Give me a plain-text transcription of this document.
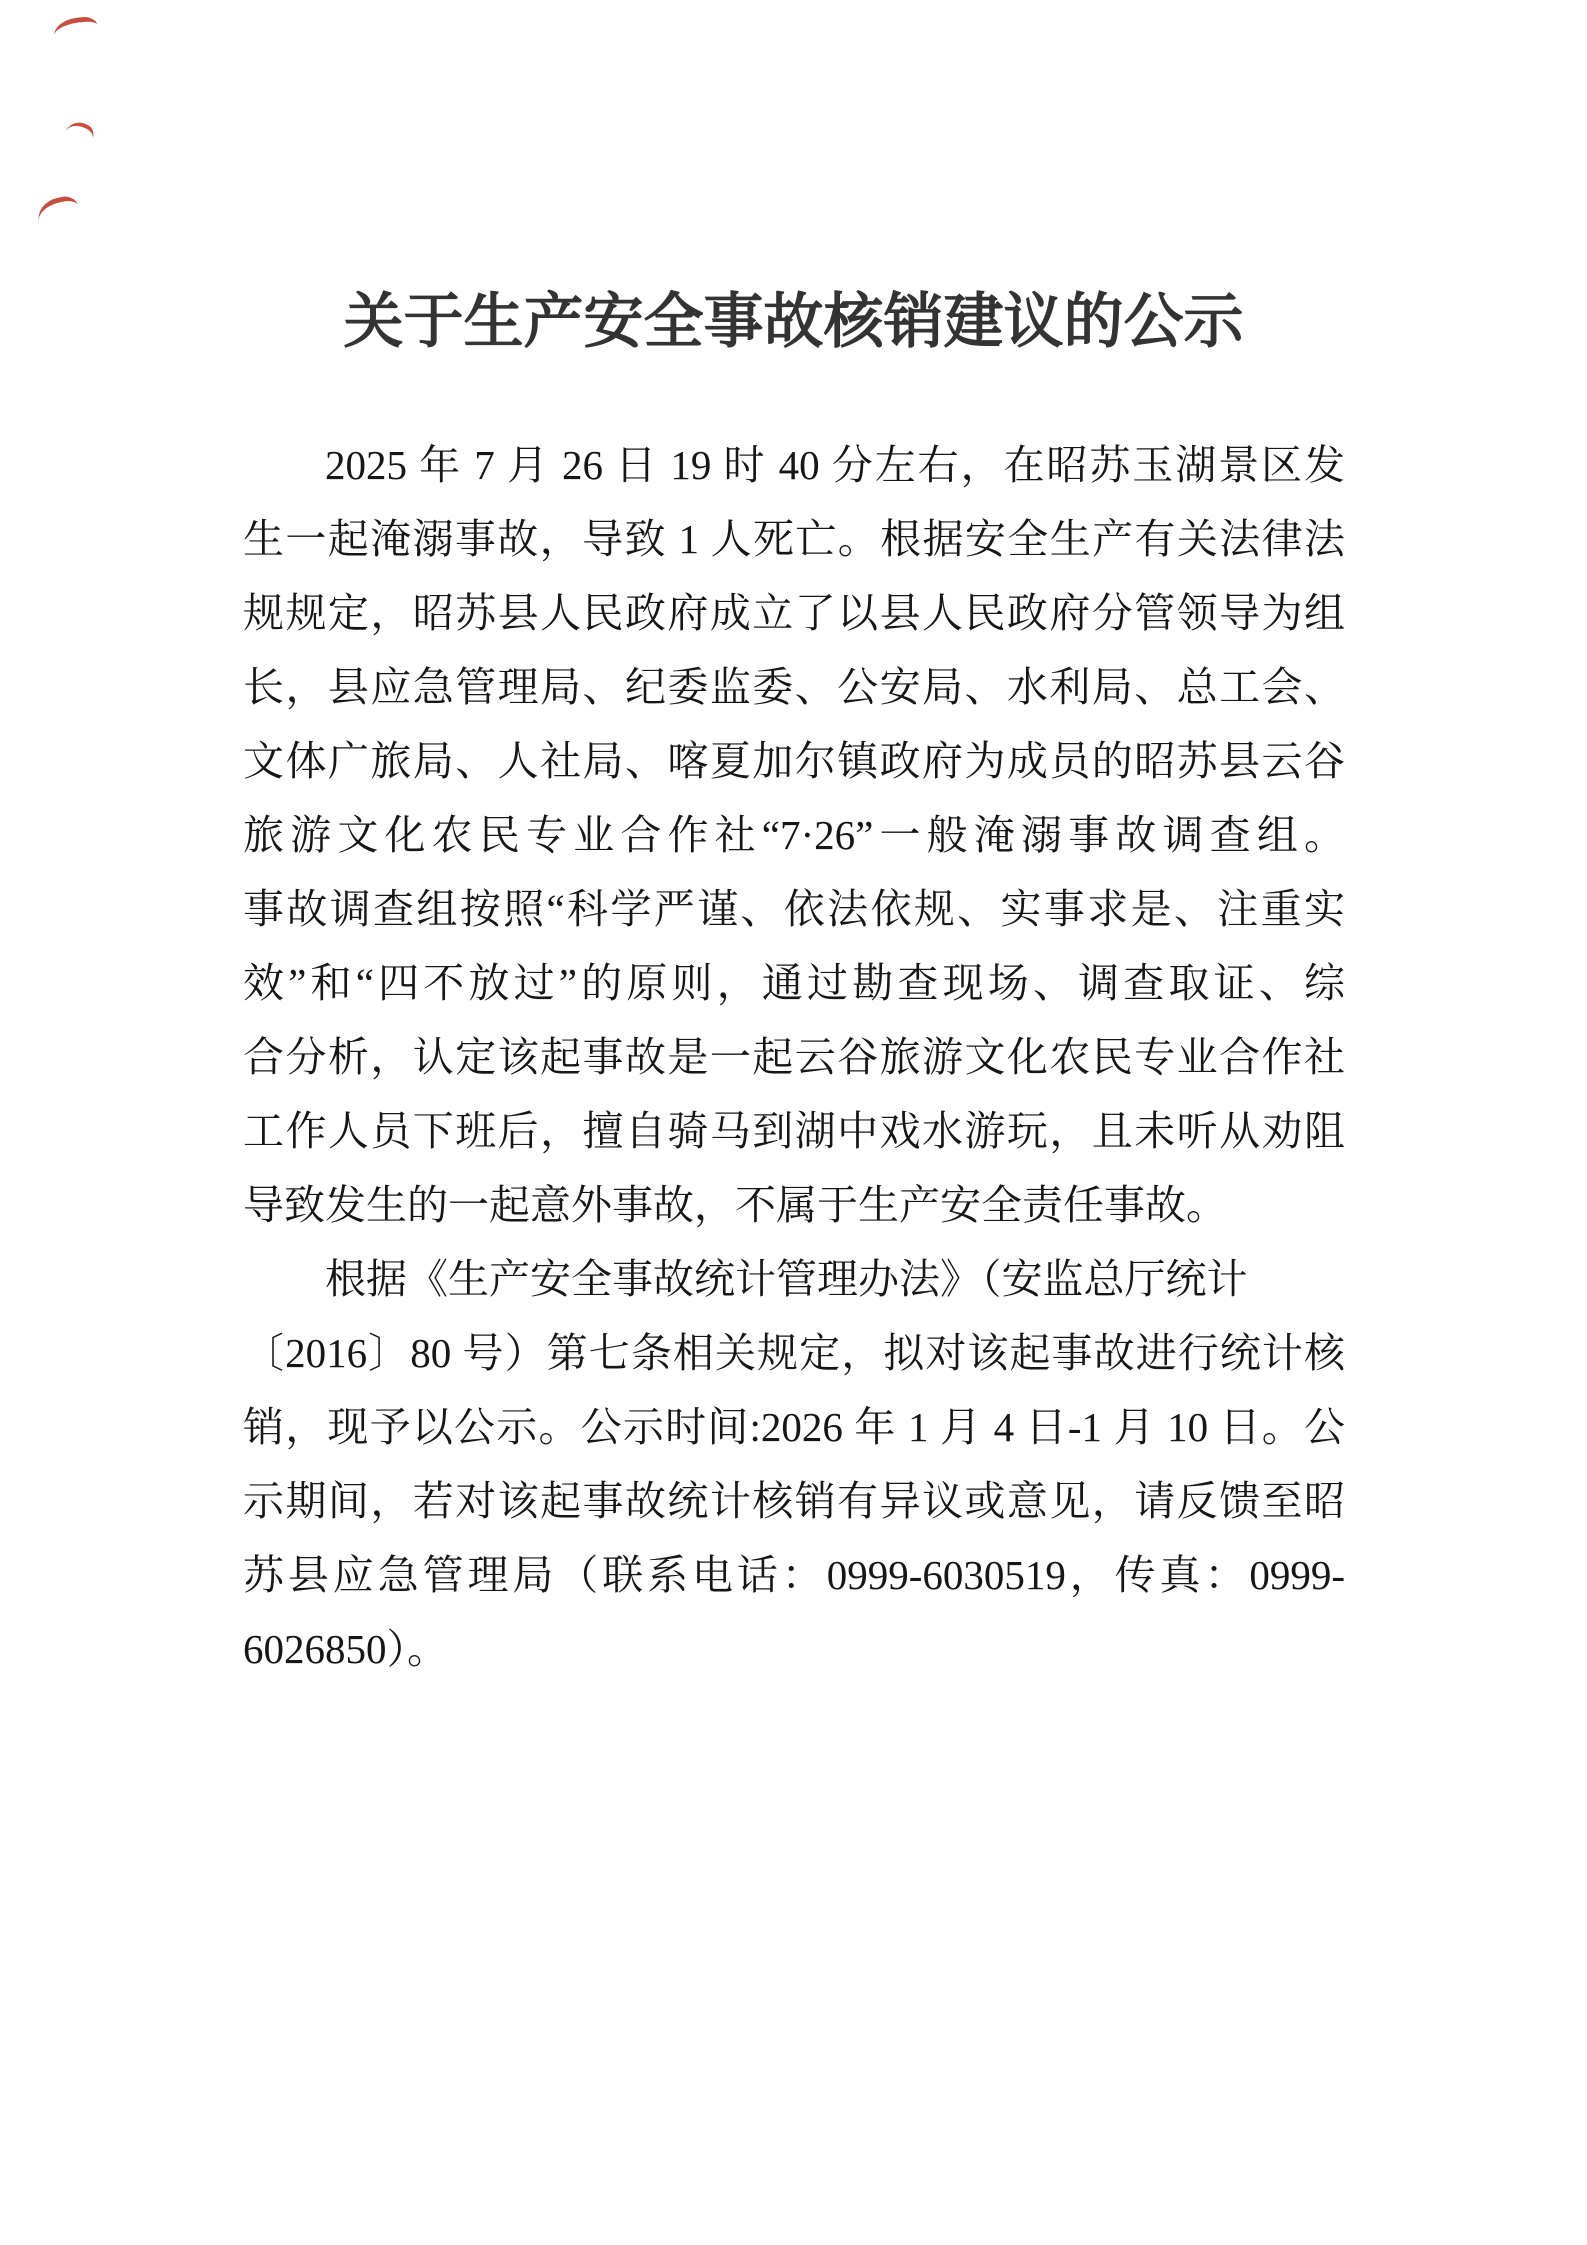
关于生产安全事故核销建议的公示
2025 年 7 月 26 日 19 时 40 分左右，在昭苏玉湖景区发
生一起淹溺事故，导致 1 人死亡。根据安全生产有关法律法
规规定，昭苏县人民政府成立了以县人民政府分管领导为组
长，县应急管理局、纪委监委、公安局、水利局、总工会、
文体广旅局、人社局、喀夏加尔镇政府为成员的昭苏县云谷
旅游文化农民专业合作社“7·26”一般淹溺事故调查组。
事故调查组按照“科学严谨、依法依规、实事求是、注重实
效”和“四不放过”的原则，通过勘查现场、调查取证、综
合分析，认定该起事故是一起云谷旅游文化农民专业合作社
工作人员下班后，擅自骑马到湖中戏水游玩，且未听从劝阻
导致发生的一起意外事故，不属于生产安全责任事故。
根据《生产安全事故统计管理办法》（安监总厅统计
〔2016〕80 号）第七条相关规定，拟对该起事故进行统计核
销，现予以公示。公示时间:2026 年 1 月 4 日-1 月 10 日。公
示期间，若对该起事故统计核销有异议或意见，请反馈至昭
苏县应急管理局（联系电话：0999-6030519，传真：0999-
6026850）。
